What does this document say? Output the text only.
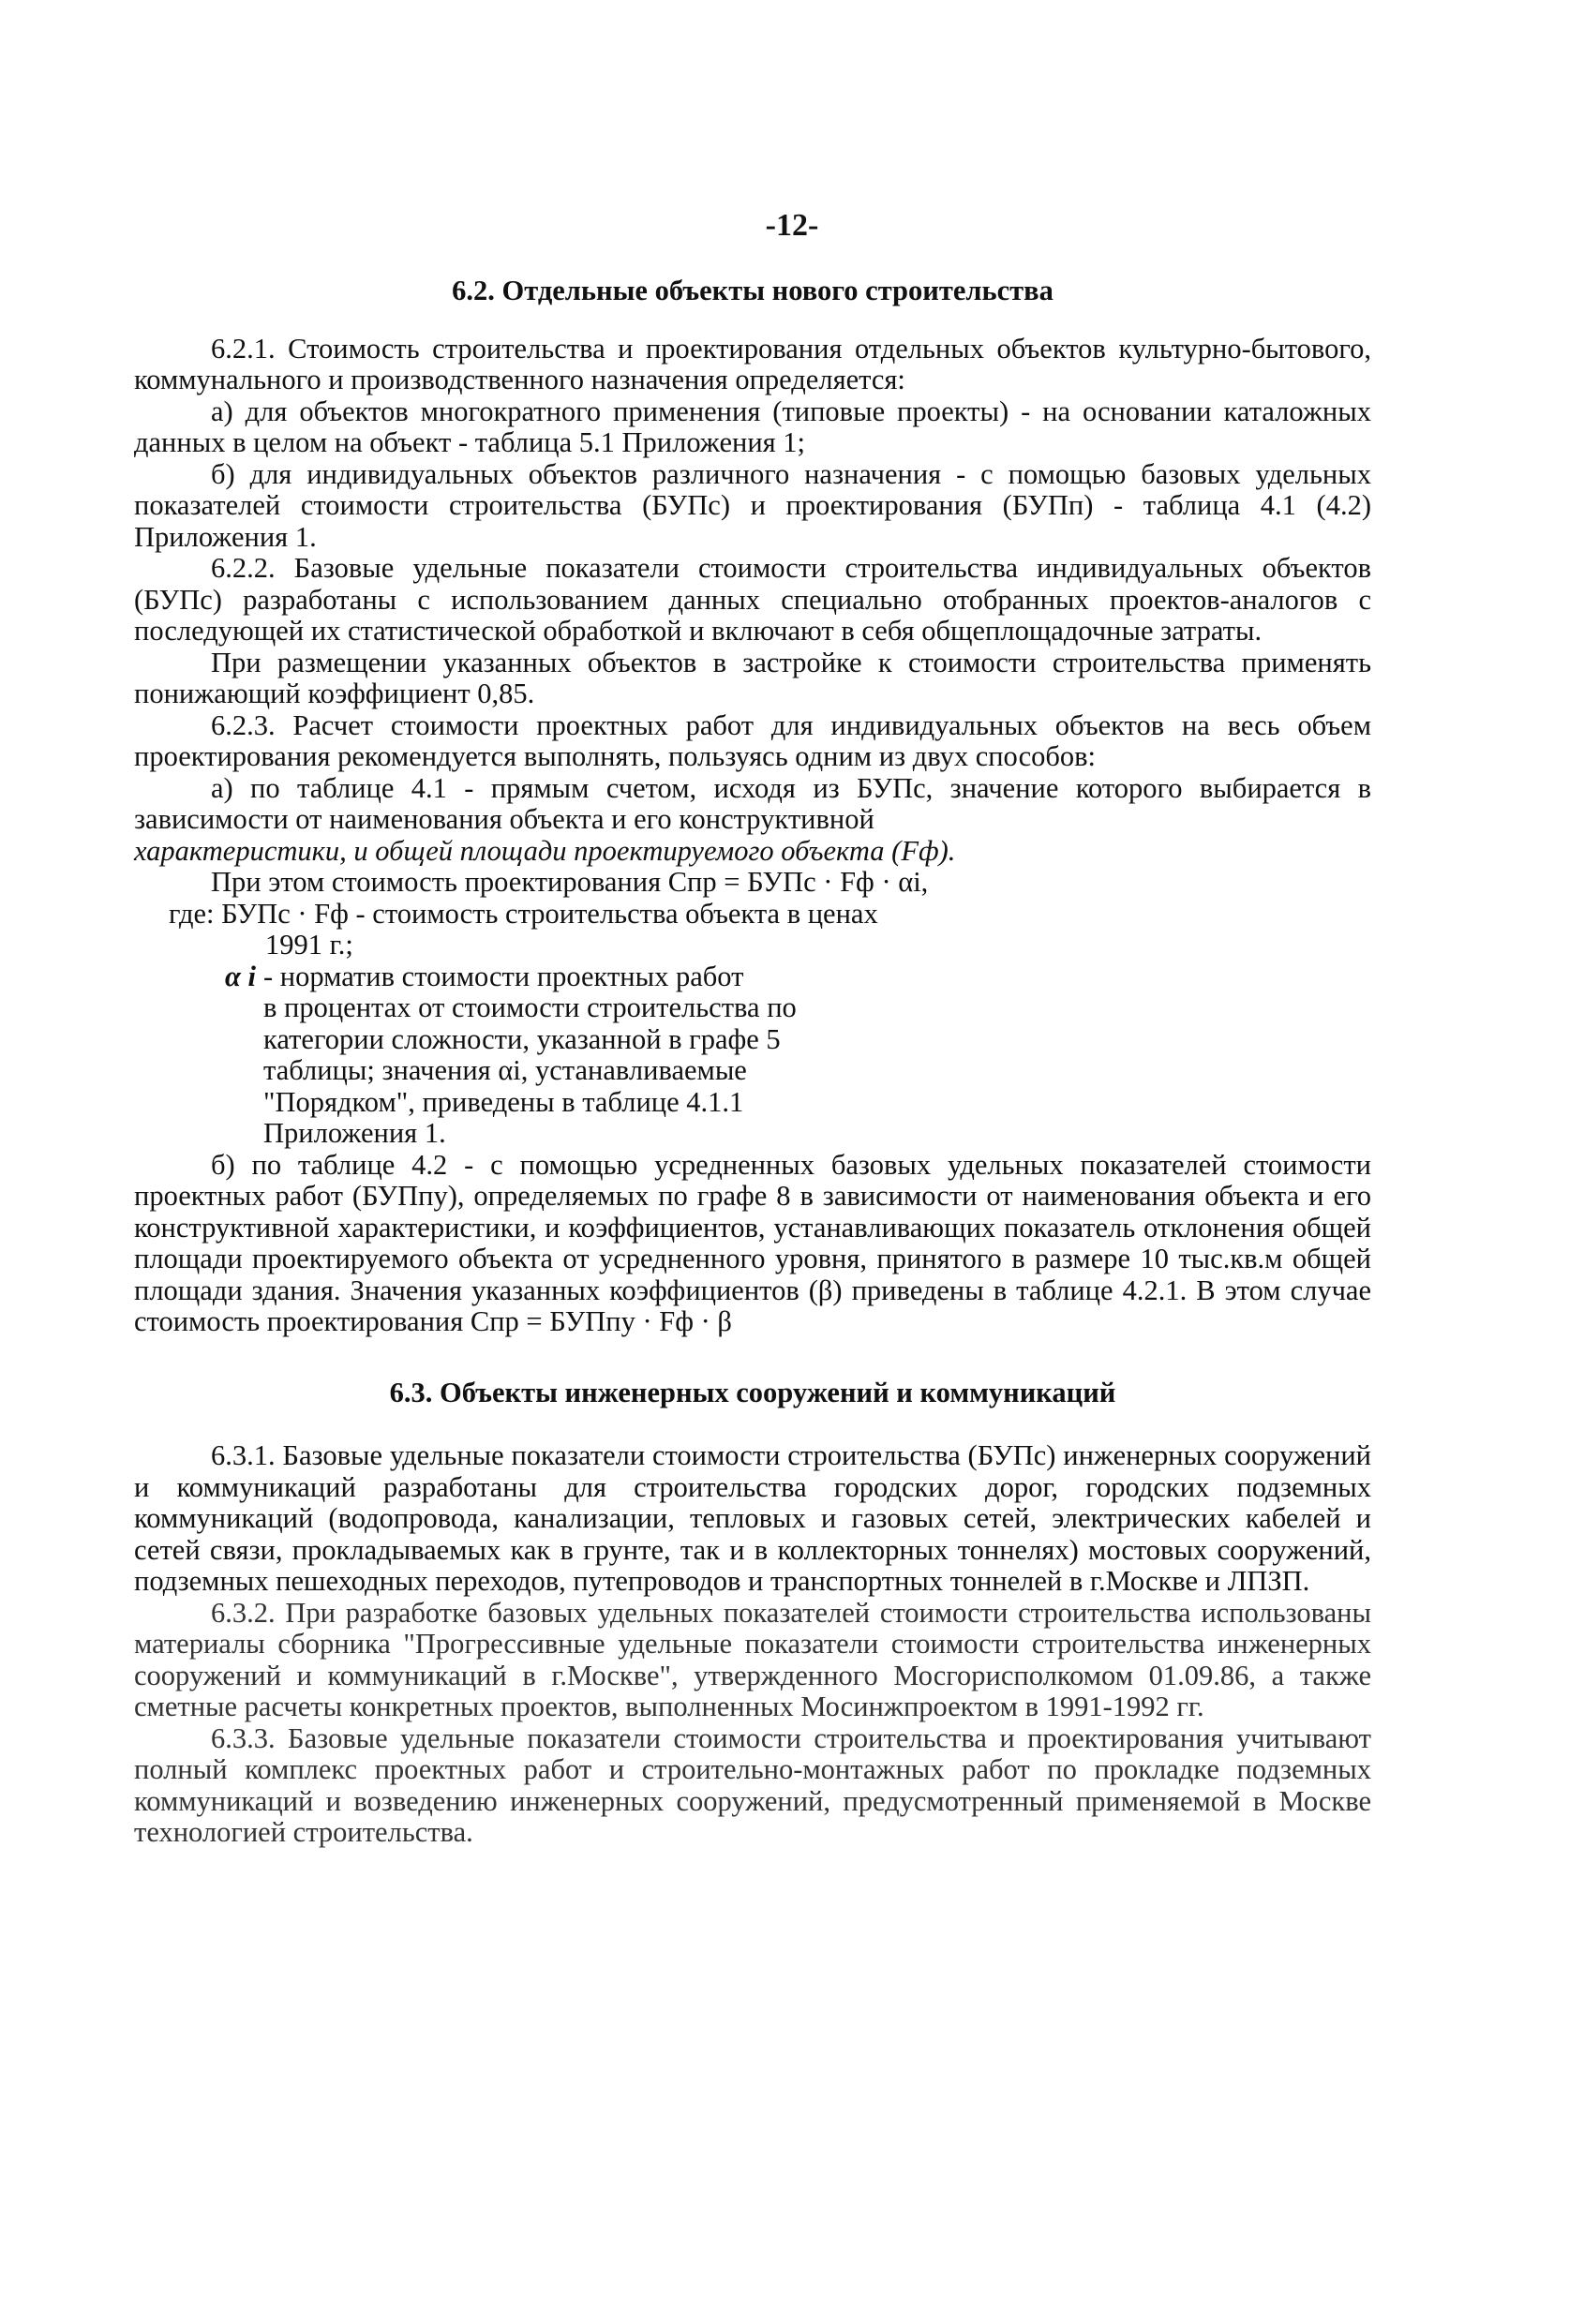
-12-
6.2. Отдельные объекты нового строительства

6.2.1. Стоимость строительства и проектирования отдельных объектов культурно-бытового, коммунального и производственного назначения определяется:

а) для объектов многократного применения (типовые проекты) - на основании каталожных данных в целом на объект - таблица 5.1 Приложения 1;

б) для индивидуальных объектов различного назначения - с помощью базовых удельных показателей стоимости строительства (БУПс) и проектирования (БУПп) - таблица 4.1 (4.2) Приложения 1.

6.2.2. Базовые удельные показатели стоимости строительства индивидуальных объектов (БУПс) разработаны с использованием данных специально отобранных проектов-аналогов с последующей их статистической обработкой и включают в себя общеплощадочные затраты.

При размещении указанных объектов в застройке к стоимости строительства применять понижающий коэффициент 0,85.

6.2.3. Расчет стоимости проектных работ для индивидуальных объектов на весь объем проектирования рекомендуется выполнять, пользуясь одним из двух способов:

а) по таблице 4.1 - прямым счетом, исходя из БУПс, значение которого выбирается в зависимости от наименования объекта и его конструктивной

характеристики, и общей площади проектируемого объекта (Fф).

При этом стоимость проектирования Спр = БУПс · Fф · αi,

где: БУПс · Fф - стоимость строительства объекта в ценах

1991 г.;

α i - норматив стоимости проектных работ
в процентах от стоимости строительства по
категории сложности, указанной в графе 5
таблицы; значения αi, устанавливаемые
"Порядком", приведены в таблице 4.1.1
Приложения 1.

б) по таблице 4.2 - с помощью усредненных базовых удельных показателей стоимости проектных работ (БУПпу), определяемых по графе 8 в зависимости от наименования объекта и его конструктивной характеристики, и коэффициентов, устанавливающих показатель отклонения общей площади проектируемого объекта от усредненного уровня, принятого в размере 10 тыс.кв.м общей площади здания. Значения указанных коэффициентов (β) приведены в таблице 4.2.1. В этом случае стоимость проектирования Спр = БУПпу · Fф · β

6.3. Объекты инженерных сооружений и коммуникаций

6.3.1. Базовые удельные показатели стоимости строительства (БУПс) инженерных сооружений и коммуникаций разработаны для строительства городских дорог, городских подземных коммуникаций (водопровода, канализации, тепловых и газовых сетей, электрических кабелей и сетей связи, прокладываемых как в грунте, так и в коллекторных тоннелях) мостовых сооружений, подземных пешеходных переходов, путепроводов и транспортных тоннелей в г.Москве и ЛПЗП.

6.3.2. При разработке базовых удельных показателей стоимости строительства использованы материалы сборника "Прогрессивные удельные показатели стоимости строительства инженерных сооружений и коммуникаций в г.Москве", утвержденного Мосгорисполкомом 01.09.86, а также сметные расчеты конкретных проектов, выполненных Мосинжпроектом в 1991-1992 гг.

6.3.3. Базовые удельные показатели стоимости строительства и проектирования учитывают полный комплекс проектных работ и строительно-монтажных работ по прокладке подземных коммуникаций и возведению инженерных сооружений, предусмотренный применяемой в Москве технологией строительства.
